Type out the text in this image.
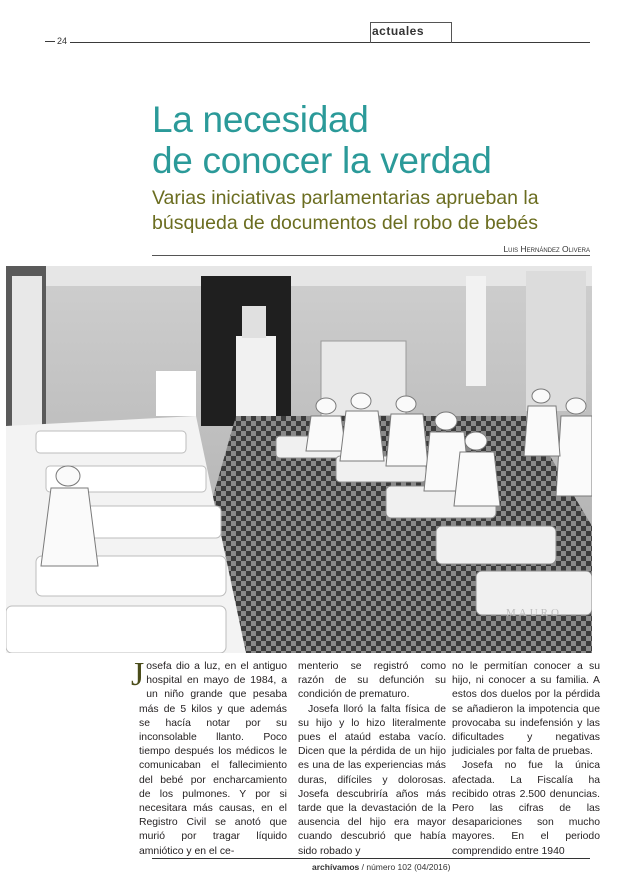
24
actuales
La necesidad
de conocer la verdad
Varias iniciativas parlamentarias aprueban la
búsqueda de documentos del robo de bebés
Luis Hernández Olivera
MAURO

Josefa dio a luz, en el antiguo hospital en mayo de 1984, a un niño grande que pesaba más de 5 kilos y que además se hacía notar por su inconsolable llanto. Poco tiempo después los médicos le comunicaban el fallecimiento del bebé por encharcamiento de los pulmones. Y por si necesitara más causas, en el Registro Civil se anotó que murió por tragar líquido amniótico y en el ce-

menterio se registró como razón de su defunción su condición de prematuro.

Josefa lloró la falta física de su hijo y lo hizo literalmente pues el ataúd estaba vacío. Dicen que la pérdida de un hijo es una de las experiencias más duras, difíciles y dolorosas. Josefa descubriría años más tarde que la devastación de la ausencia del hijo era mayor cuando descubrió que había sido robado y

no le permitían conocer a su hijo, ni conocer a su familia. A estos dos duelos por la pérdida se añadieron la impotencia que provocaba su indefensión y las dificultades y negativas judiciales por falta de pruebas.

Josefa no fue la única afectada. La Fiscalía ha recibido otras 2.500 denuncias. Pero las cifras de las desapariciones son mucho mayores. En el periodo comprendido entre 1940

archívamos / número 102 (04/2016)
